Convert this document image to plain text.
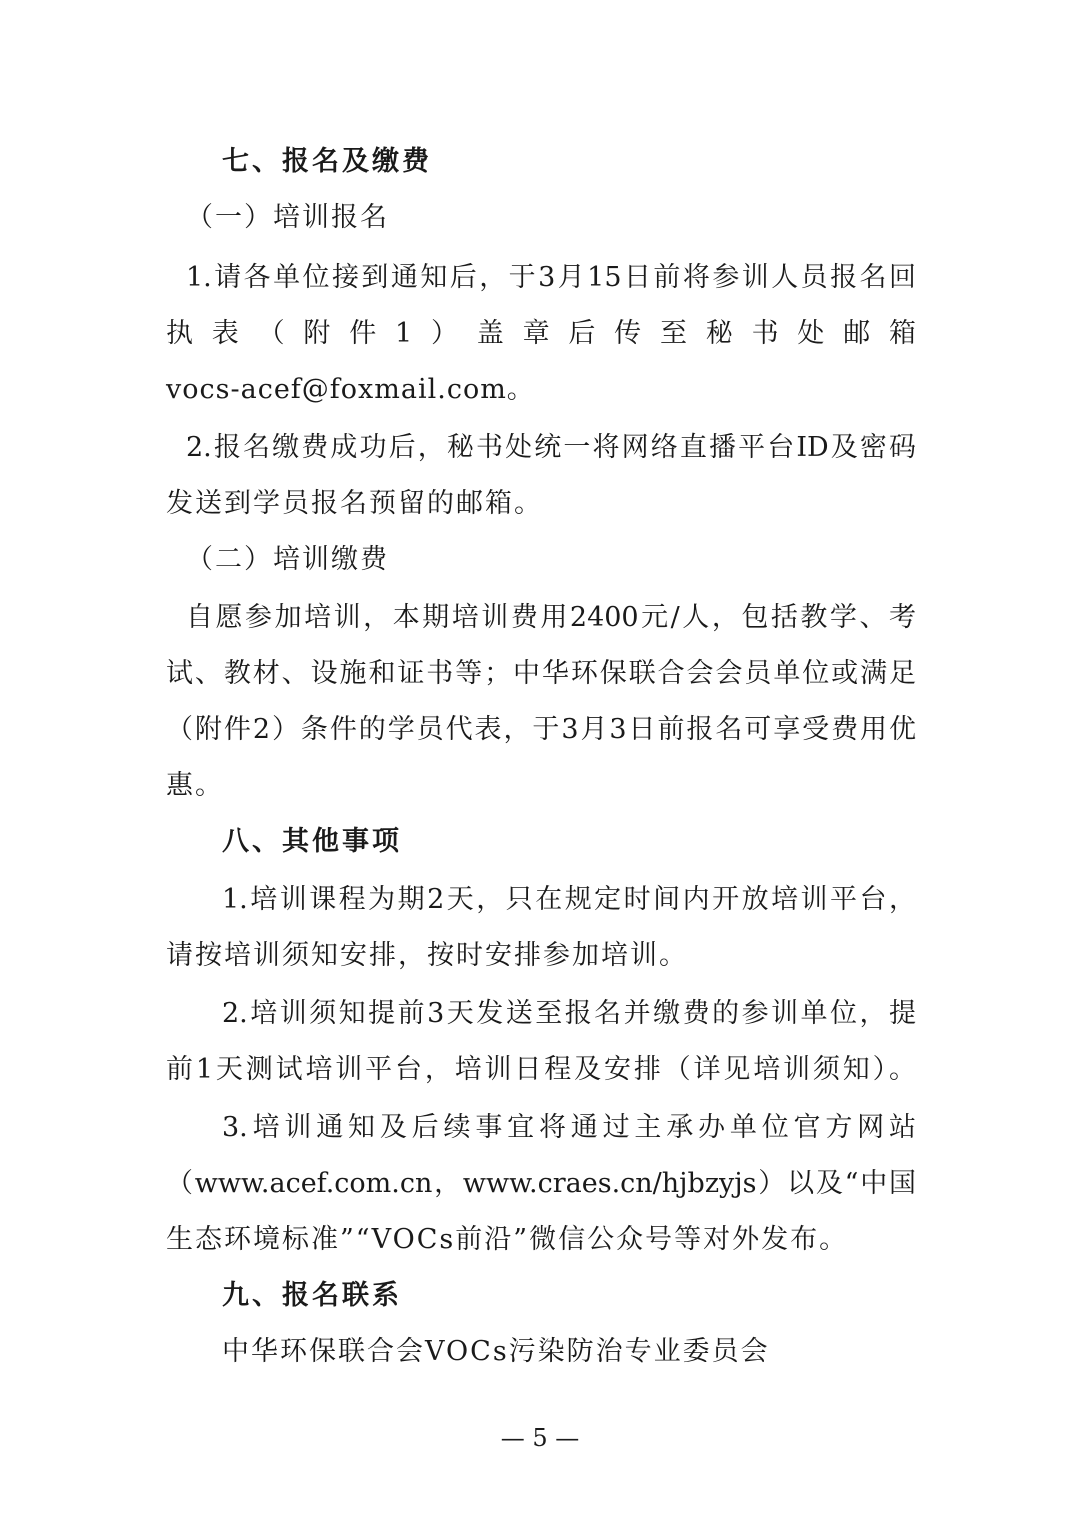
七、报名及缴费
（一）培训报名
1.请各单位接到通知后，于3月15日前将参训人员报名回
执表（附件1）盖章后传至秘书处邮箱
vocs-acef@foxmail.com。
2.报名缴费成功后，秘书处统一将网络直播平台ID及密码
发送到学员报名预留的邮箱。
（二）培训缴费
自愿参加培训，本期培训费用2400元/人，包括教学、考
试、教材、设施和证书等；中华环保联合会会员单位或满足
（附件2）条件的学员代表，于3月3日前报名可享受费用优
惠。
八、其他事项
1.培训课程为期2天，只在规定时间内开放培训平台，
请按培训须知安排，按时安排参加培训。
2.培训须知提前3天发送至报名并缴费的参训单位，提
前1天测试培训平台，培训日程及安排（详见培训须知）。
3.培训通知及后续事宜将通过主承办单位官方网站
（www.acef.com.cn，www.craes.cn/hjbzyjs）以及“中国
生态环境标准”“VOCs前沿”微信公众号等对外发布。
九、报名联系
中华环保联合会VOCs污染防治专业委员会
— 5 —
